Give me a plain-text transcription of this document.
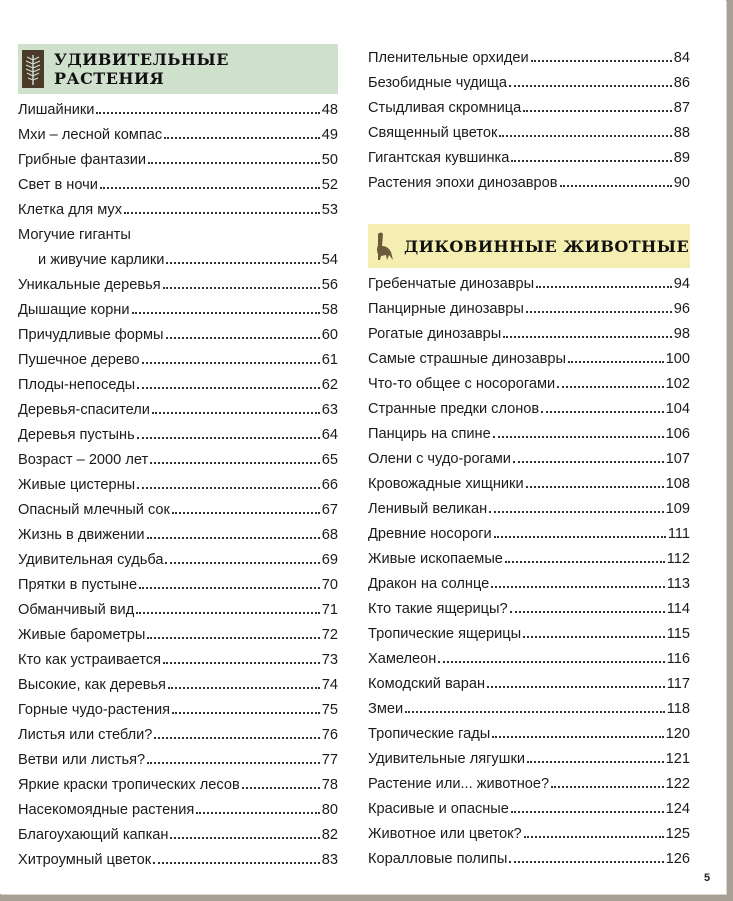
УДИВИТЕЛЬНЫЕ РАСТЕНИЯ
Лишайники	48
Мхи – лесной компас	49
Грибные фантазии	50
Свет в ночи	52
Клетка для мух	53
Могучие гиганты
и живучие карлики	54
Уникальные деревья	56
Дышащие корни	58
Причудливые формы	60
Пушечное дерево	61
Плоды-непоседы	62
Деревья-спасители	63
Деревья пустынь	64
Возраст – 2000 лет	65
Живые цистерны	66
Опасный млечный сок	67
Жизнь в движении	68
Удивительная судьба	69
Прятки в пустыне	70
Обманчивый вид	71
Живые барометры	72
Кто как устраивается	73
Высокие, как деревья	74
Горные чудо-растения	75
Листья или стебли?	76
Ветви или листья?	77
Яркие краски тропических лесов	78
Насекомоядные растения	80
Благоухающий капкан	82
Хитроумный цветок	83
Пленительные орхидеи	84
Безобидные чудища	86
Стыдливая скромница	87
Священный цветок	88
Гигантская кувшинка	89
Растения эпохи динозавров	90
ДИКОВИННЫЕ ЖИВОТНЫЕ
Гребенчатые динозавры	94
Панцирные динозавры	96
Рогатые динозавры	98
Самые страшные динозавры	100
Что-то общее с носорогами	102
Странные предки слонов	104
Панцирь на спине	106
Олени с чудо-рогами	107
Кровожадные хищники	108
Ленивый великан	109
Древние носороги	111
Живые ископаемые	112
Дракон на солнце	113
Кто такие ящерицы?	114
Тропические ящерицы	115
Хамелеон	116
Комодский варан	117
Змеи	118
Тропические гады	120
Удивительные лягушки	121
Растение или... животное?	122
Красивые и опасные	124
Животное или цветок?	125
Коралловые полипы	126
5
